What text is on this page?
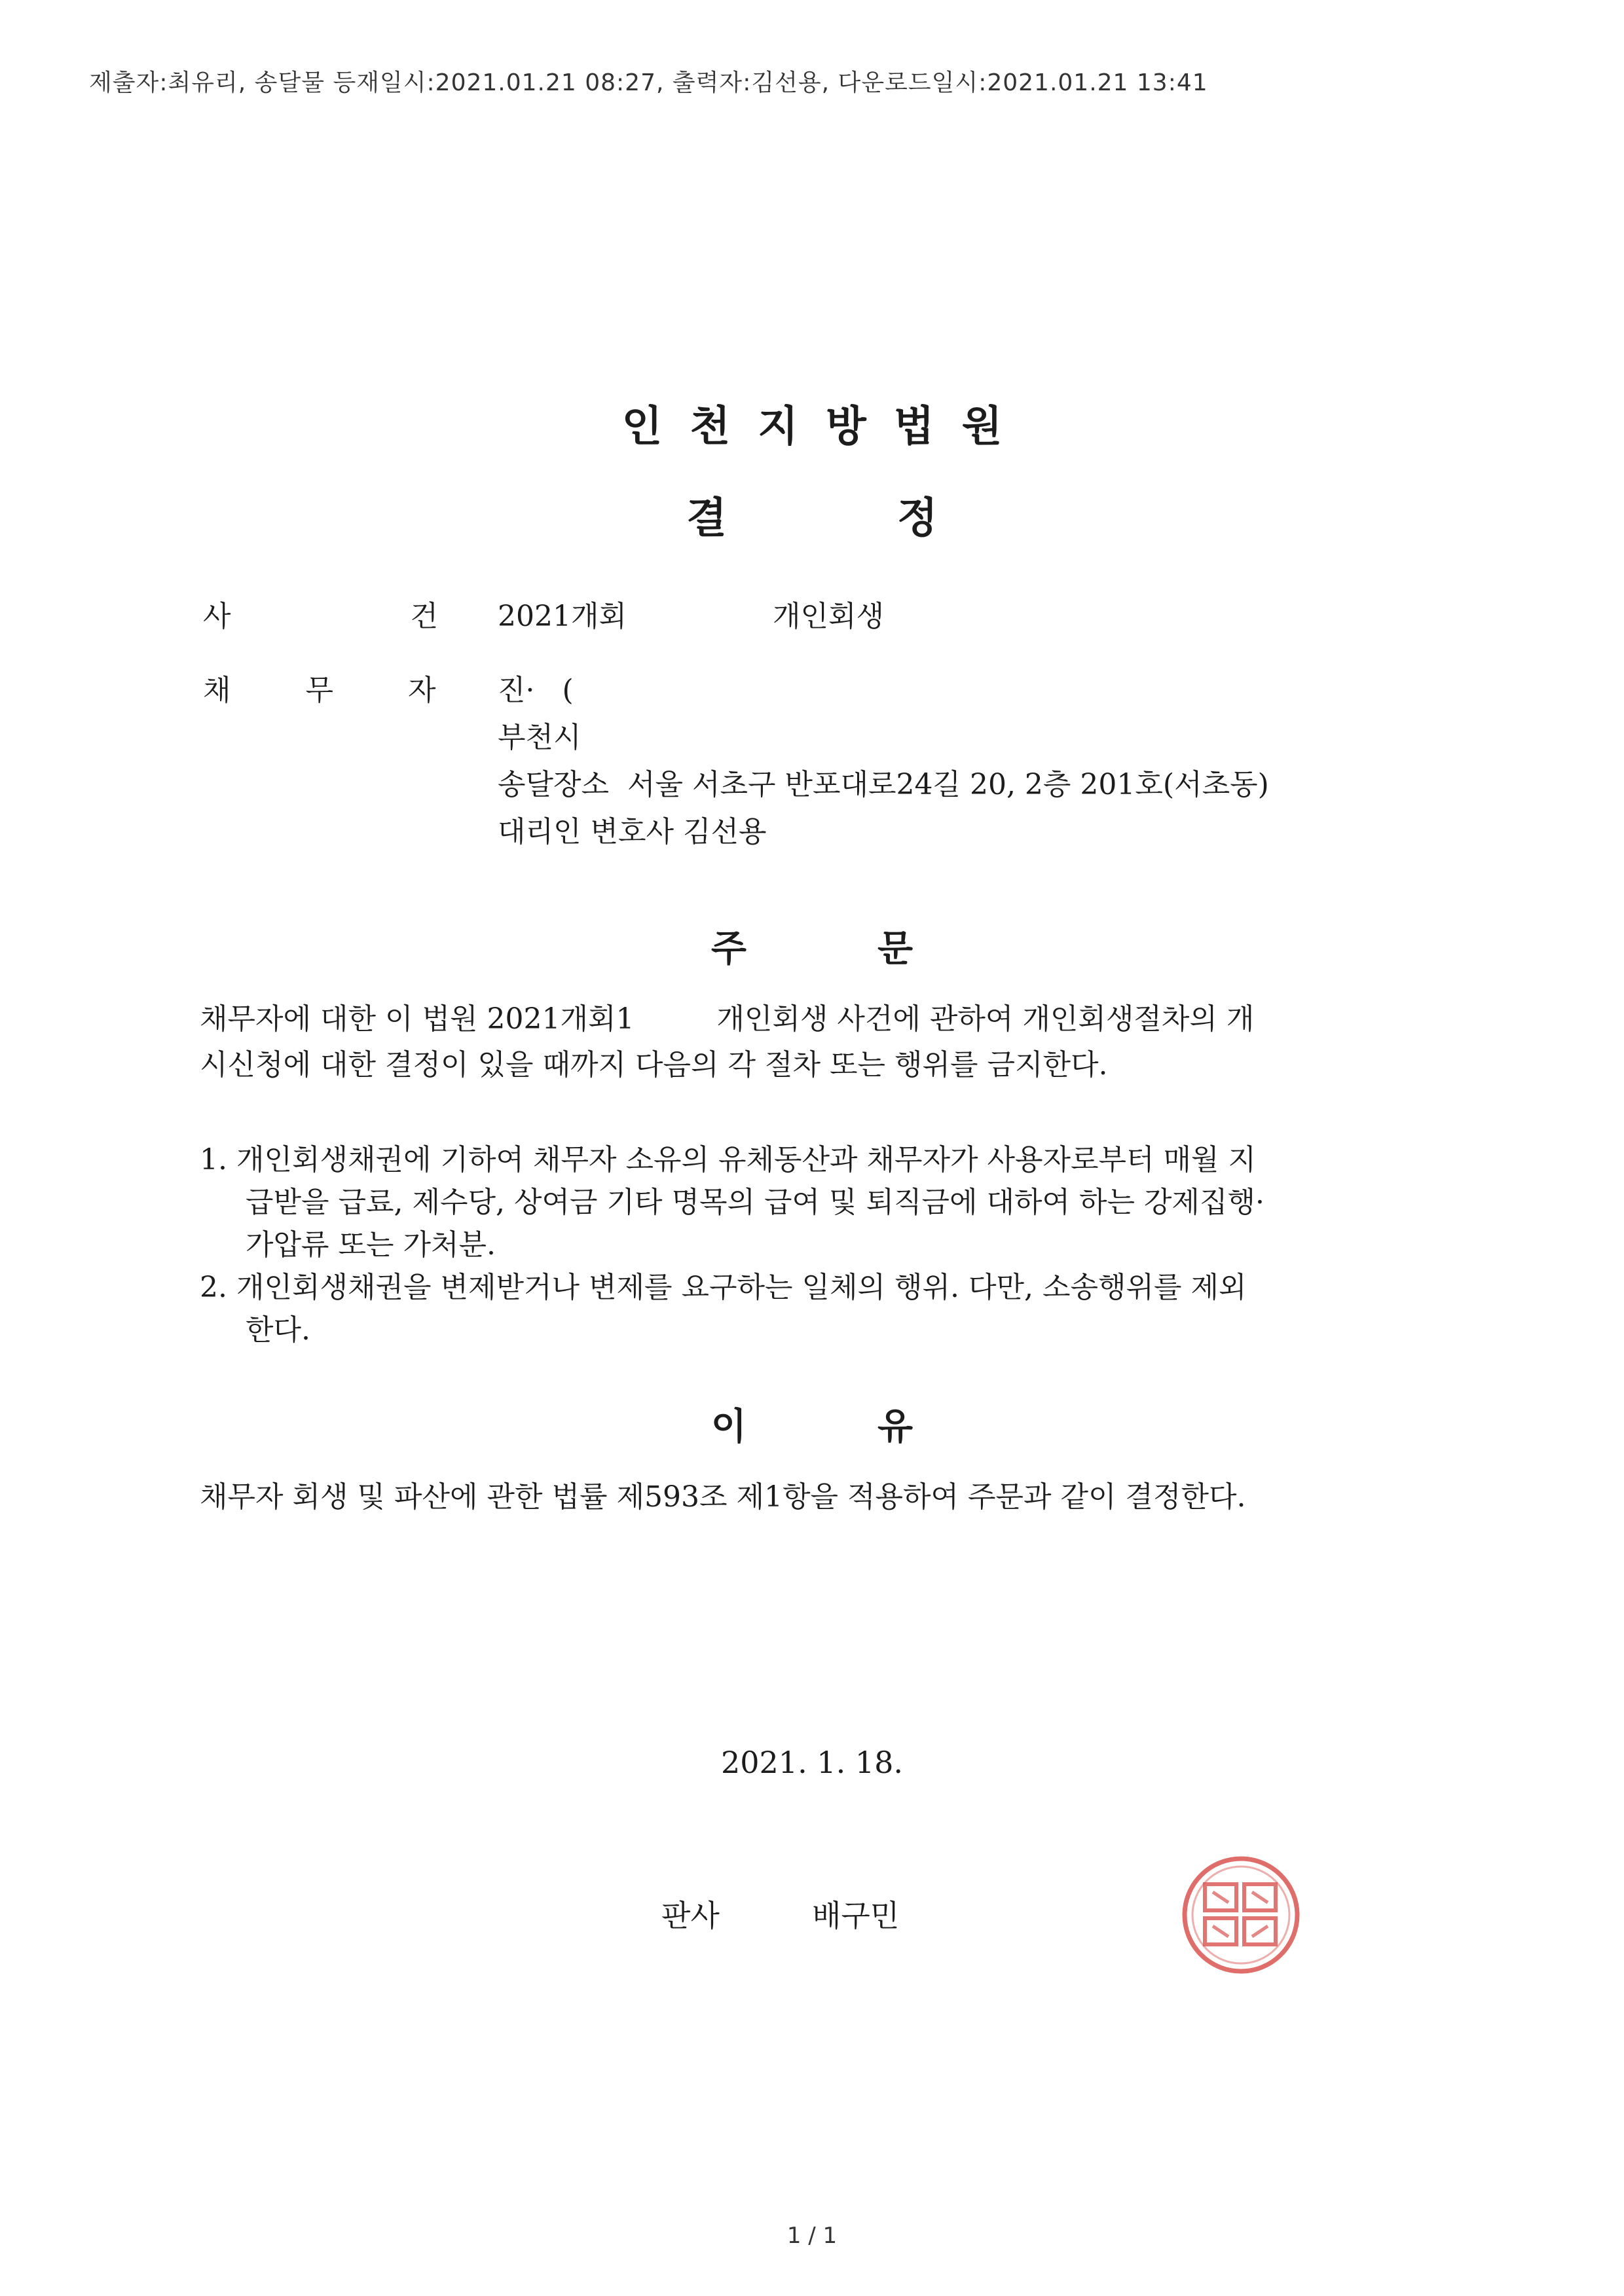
제출자:최유리, 송달물 등재일시:2021.01.21 08:27, 출력자:김선용, 다운로드일시:2021.01.21 13:41
인천지방법원
결정
사 건
2021개회	개인회생
채 무 자 진·   (
부천시
송달장소  서울 서초구 반포대로24길 20, 2층 201호(서초동)
대리인 변호사 김선용
주문
채무자에 대한 이 법원 2021개회1         개인회생 사건에 관하여 개인회생절차의 개
시신청에 대한 결정이 있을 때까지 다음의 각 절차 또는 행위를 금지한다.
1. 개인회생채권에 기하여 채무자 소유의 유체동산과 채무자가 사용자로부터 매월 지
급받을 급료, 제수당, 상여금 기타 명목의 급여 및 퇴직금에 대하여 하는 강제집행·
가압류 또는 가처분.
2. 개인회생채권을 변제받거나 변제를 요구하는 일체의 행위. 다만, 소송행위를 제외
한다.
이유
채무자 회생 및 파산에 관한 법률 제593조 제1항을 적용하여 주문과 같이 결정한다.
2021. 1. 18.
판사	배구민
1 / 1
